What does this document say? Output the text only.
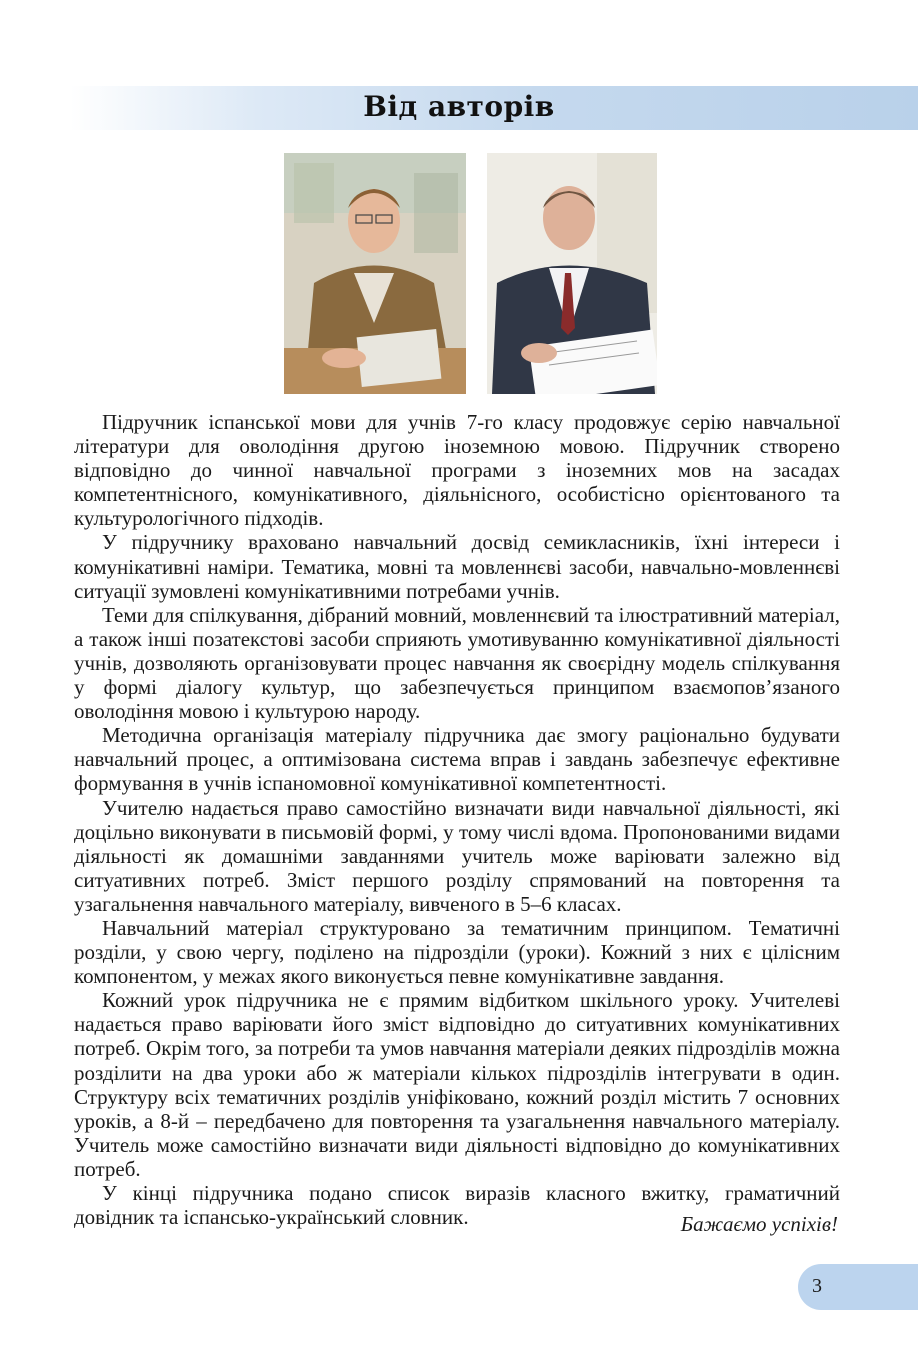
Від авторів

Підручник іспанської мови для учнів 7-го класу продовжує серію навчальної літератури для оволодіння другою іноземною мовою. Підручник створено відповідно до чинної навчальної програми з іноземних мов на засадах компетентнісного, комунікативного, діяльнісного, особистісно орієнтованого та культурологічного підходів.

У підручнику враховано навчальний досвід семикласників, їхні інтереси і комунікативні наміри. Тематика, мовні та мовленнєві засоби, навчально-мовленнєві ситуації зумовлені комунікативними потребами учнів.

Теми для спілкування, дібраний мовний, мовленнєвий та ілюстративний матеріал, а також інші позатекстові засоби сприяють умотивуванню комунікативної діяльності учнів, дозволяють організовувати процес навчання як своєрідну модель спілкування у формі діалогу культур, що забезпечується принципом взаємопов’язаного оволодіння мовою і культурою народу.

Методична організація матеріалу підручника дає змогу раціонально будувати навчальний процес, а оптимізована система вправ і завдань забезпечує ефективне формування в учнів іспаномовної комунікативної компетентності.

Учителю надається право самостійно визначати види навчальної діяльності, які доцільно виконувати в письмовій формі, у тому числі вдома. Пропонованими видами діяльності як домашніми завданнями учитель може варіювати залежно від ситуативних потреб. Зміст першого розділу спрямований на повторення та узагальнення навчального матеріалу, вивченого в 5–6 класах.

Навчальний матеріал структуровано за тематичним принципом. Тематичні розділи, у свою чергу, поділено на підрозділи (уроки). Кожний з них є цілісним компонентом, у межах якого виконується певне комунікативне завдання.

Кожний урок підручника не є прямим відбитком шкільного уроку. Учителеві надається право варіювати його зміст відповідно до ситуативних комунікативних потреб. Окрім того, за потреби та умов навчання матеріали деяких підрозділів можна розділити на два уроки або ж матеріали кількох підрозділів інтегрувати в один. Структуру всіх тематичних розділів уніфіковано, кожний розділ містить 7 основних уроків, а 8-й – передбачено для повторення та узагальнення навчального матеріалу. Учитель може самостійно визначати види діяльності відповідно до комунікативних потреб.

У кінці підручника подано список виразів класного вжитку, граматичний довідник та іспансько-український словник.	Бажаємо успіхів!
3
